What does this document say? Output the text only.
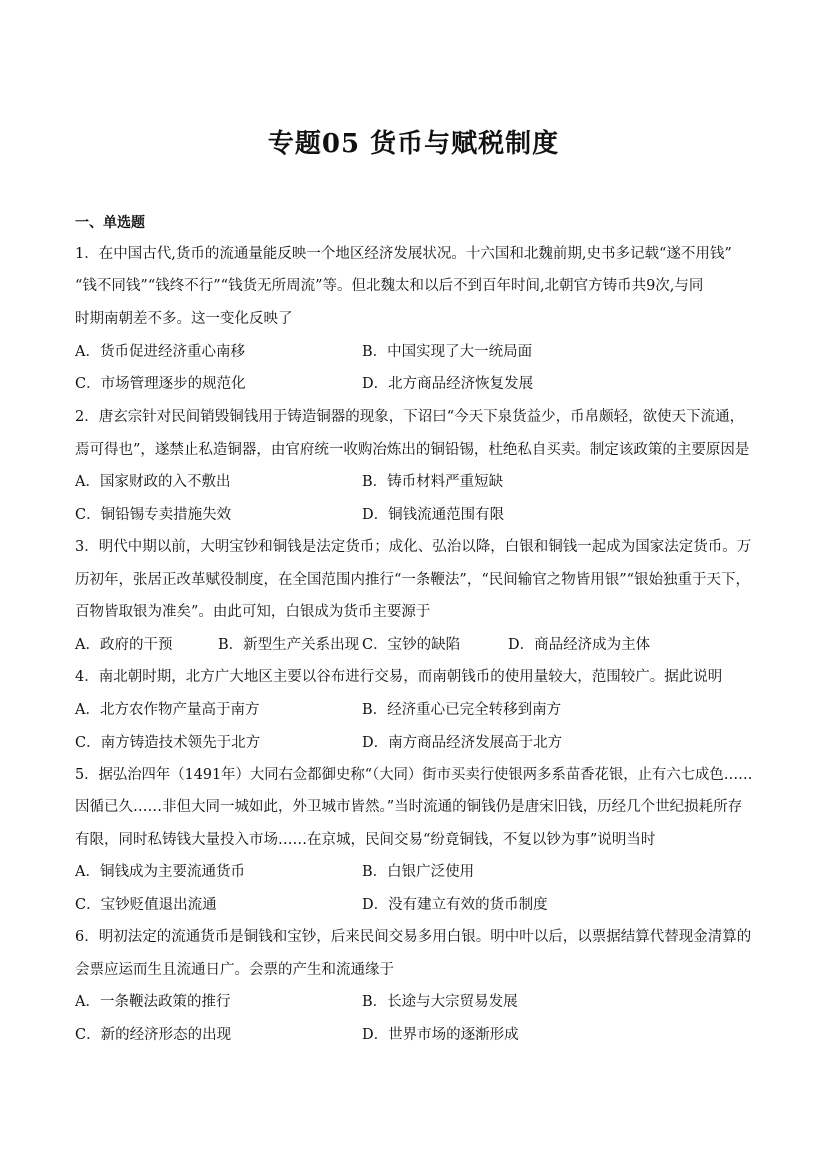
专题05 货币与赋税制度
一、单选题
1．在中国古代,货币的流通量能反映一个地区经济发展状况。十六国和北魏前期,史书多记载“遂不用钱”
“钱不同钱”“钱终不行”“钱货无所周流”等。但北魏太和以后不到百年时间,北朝官方铸币共9次,与同
时期南朝差不多。这一变化反映了
A．货币促进经济重心南移	B．中国实现了大一统局面
C．市场管理逐步的规范化	D．北方商品经济恢复发展
2．唐玄宗针对民间销毁铜钱用于铸造铜器的现象，下诏曰“今天下泉货益少，币帛颇轻，欲使天下流通，
焉可得也”，遂禁止私造铜器，由官府统一收购冶炼出的铜铅锡，杜绝私自买卖。制定该政策的主要原因是
A．国家财政的入不敷出	B．铸币材料严重短缺
C．铜铅锡专卖措施失效	D．铜钱流通范围有限
3．明代中期以前，大明宝钞和铜钱是法定货币；成化、弘治以降，白银和铜钱一起成为国家法定货币。万
历初年，张居正改革赋役制度，在全国范围内推行“一条鞭法”，“民间输官之物皆用银”“银始独重于天下，
百物皆取银为准矣”。由此可知，白银成为货币主要源于
A．政府的干预	B．新型生产关系出现 C．宝钞的缺陷	D．商品经济成为主体
4．南北朝时期，北方广大地区主要以谷布进行交易，而南朝钱币的使用量较大，范围较广。据此说明
A．北方农作物产量高于南方	B．经济重心已完全转移到南方
C．南方铸造技术领先于北方	D．南方商品经济发展高于北方
5．据弘治四年（1491年）大同右佥都御史称“（大同）街市买卖行使银两多系苗香花银，止有六七成色……
因循已久……非但大同一城如此，外卫城市皆然。”当时流通的铜钱仍是唐宋旧钱，历经几个世纪损耗所存
有限，同时私铸钱大量投入市场……在京城，民间交易“纷竟铜钱，不复以钞为事”说明当时
A．铜钱成为主要流通货币	B．白银广泛使用
C．宝钞贬值退出流通	D．没有建立有效的货币制度
6．明初法定的流通货币是铜钱和宝钞，后来民间交易多用白银。明中叶以后，以票据结算代替现金清算的
会票应运而生且流通日广。会票的产生和流通缘于
A．一条鞭法政策的推行	B．长途与大宗贸易发展
C．新的经济形态的出现	D．世界市场的逐渐形成
